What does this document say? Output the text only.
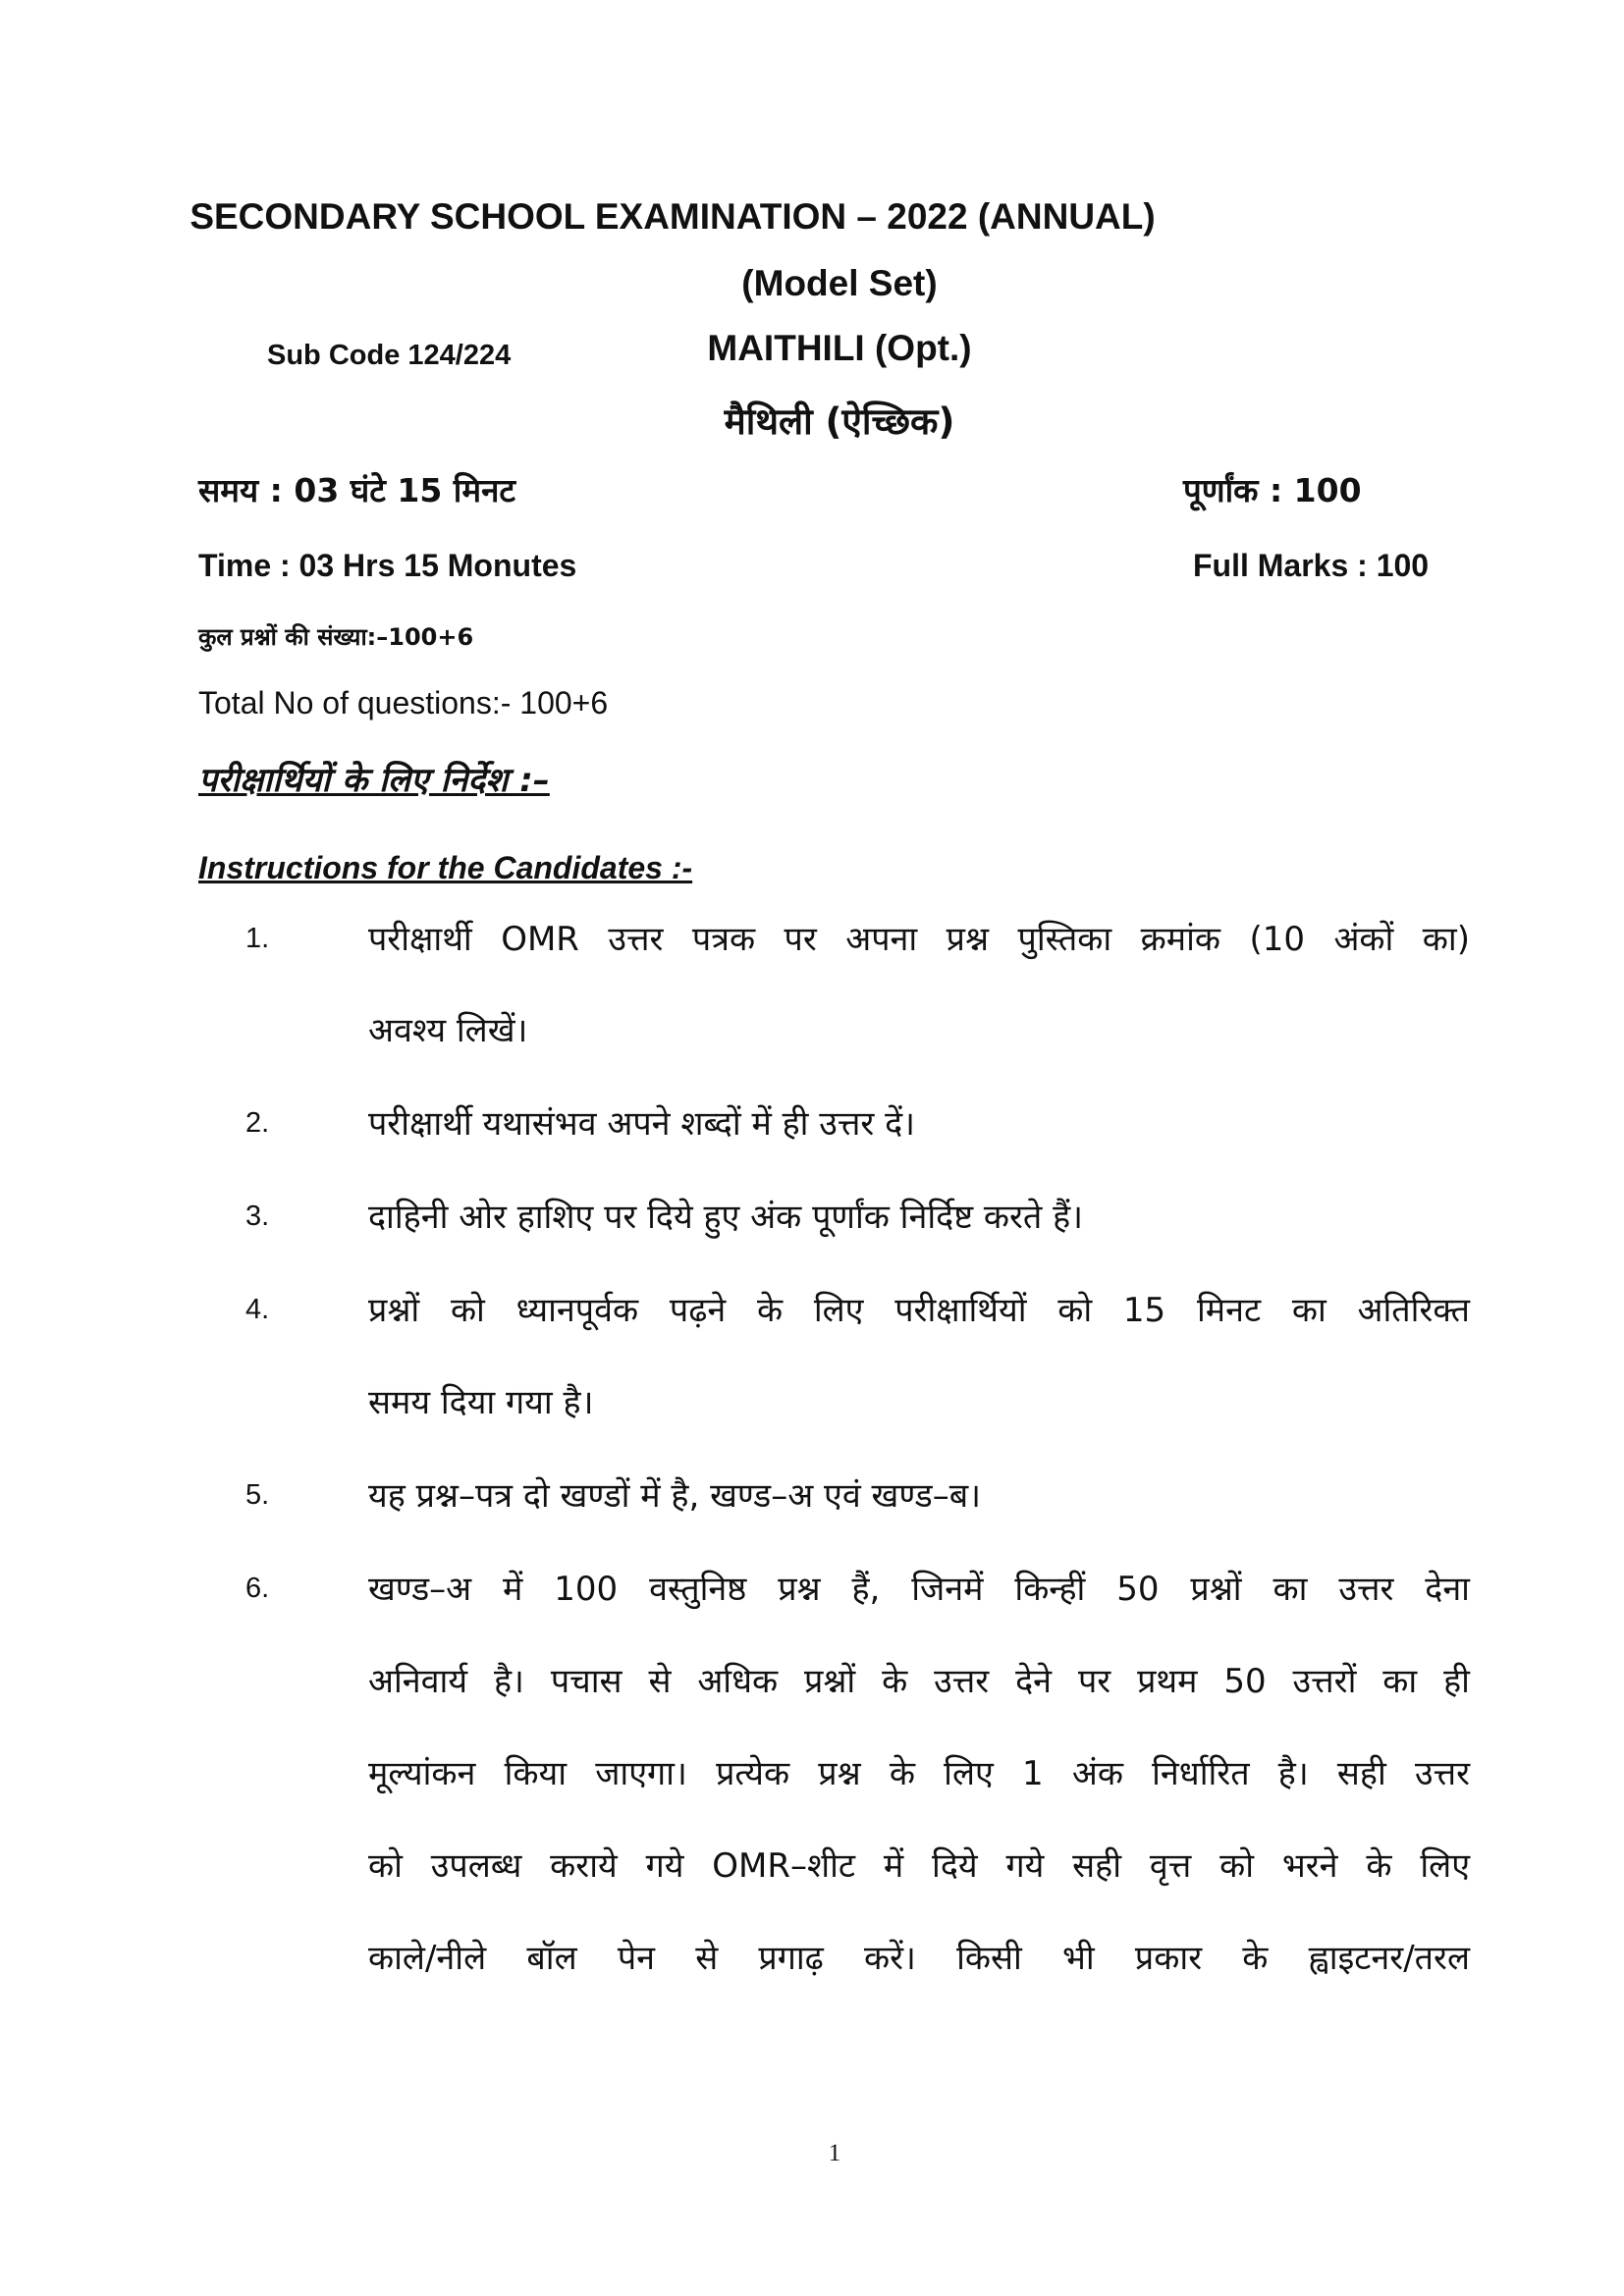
SECONDARY SCHOOL EXAMINATION – 2022 (ANNUAL)
(Model Set)
Sub Code 124/224	MAITHILI (Opt.)
मैथिली (ऐच्छिक)
समय : 03 घंटे 15 मिनट	पूर्णांक : 100
Time : 03 Hrs 15 Monutes	Full Marks : 100
कुल प्रश्नों की संख्या:–100+6
Total No of questions:- 100+6
परीक्षार्थियों के लिए निर्देश :–
Instructions for the Candidates :-
1.	परीक्षार्थी OMR उत्तर पत्रक पर अपना प्रश्न पुस्तिका क्रमांक (10 अंकों का)
अवश्य लिखें।
2.	परीक्षार्थी यथासंभव अपने शब्दों में ही उत्तर दें।
3.	दाहिनी ओर हाशिए पर दिये हुए अंक पूर्णांक निर्दिष्ट करते हैं।
4.	प्रश्नों को ध्यानपूर्वक पढ़ने के लिए परीक्षार्थियों को 15 मिनट का अतिरिक्त
समय दिया गया है।
5.	यह प्रश्न–पत्र दो खण्डों में है, खण्ड–अ एवं खण्ड–ब।
6.	खण्ड–अ में 100 वस्तुनिष्ठ प्रश्न हैं, जिनमें किन्हीं 50 प्रश्नों का उत्तर देना
अनिवार्य है। पचास से अधिक प्रश्नों के उत्तर देने पर प्रथम 50 उत्तरों का ही
मूल्यांकन किया जाएगा। प्रत्येक प्रश्न के लिए 1 अंक निर्धारित है। सही उत्तर
को उपलब्ध कराये गये OMR–शीट में दिये गये सही वृत्त को भरने के लिए
काले/नीले बॉल पेन से प्रगाढ़ करें। किसी भी प्रकार के ह्वाइटनर/तरल
1
